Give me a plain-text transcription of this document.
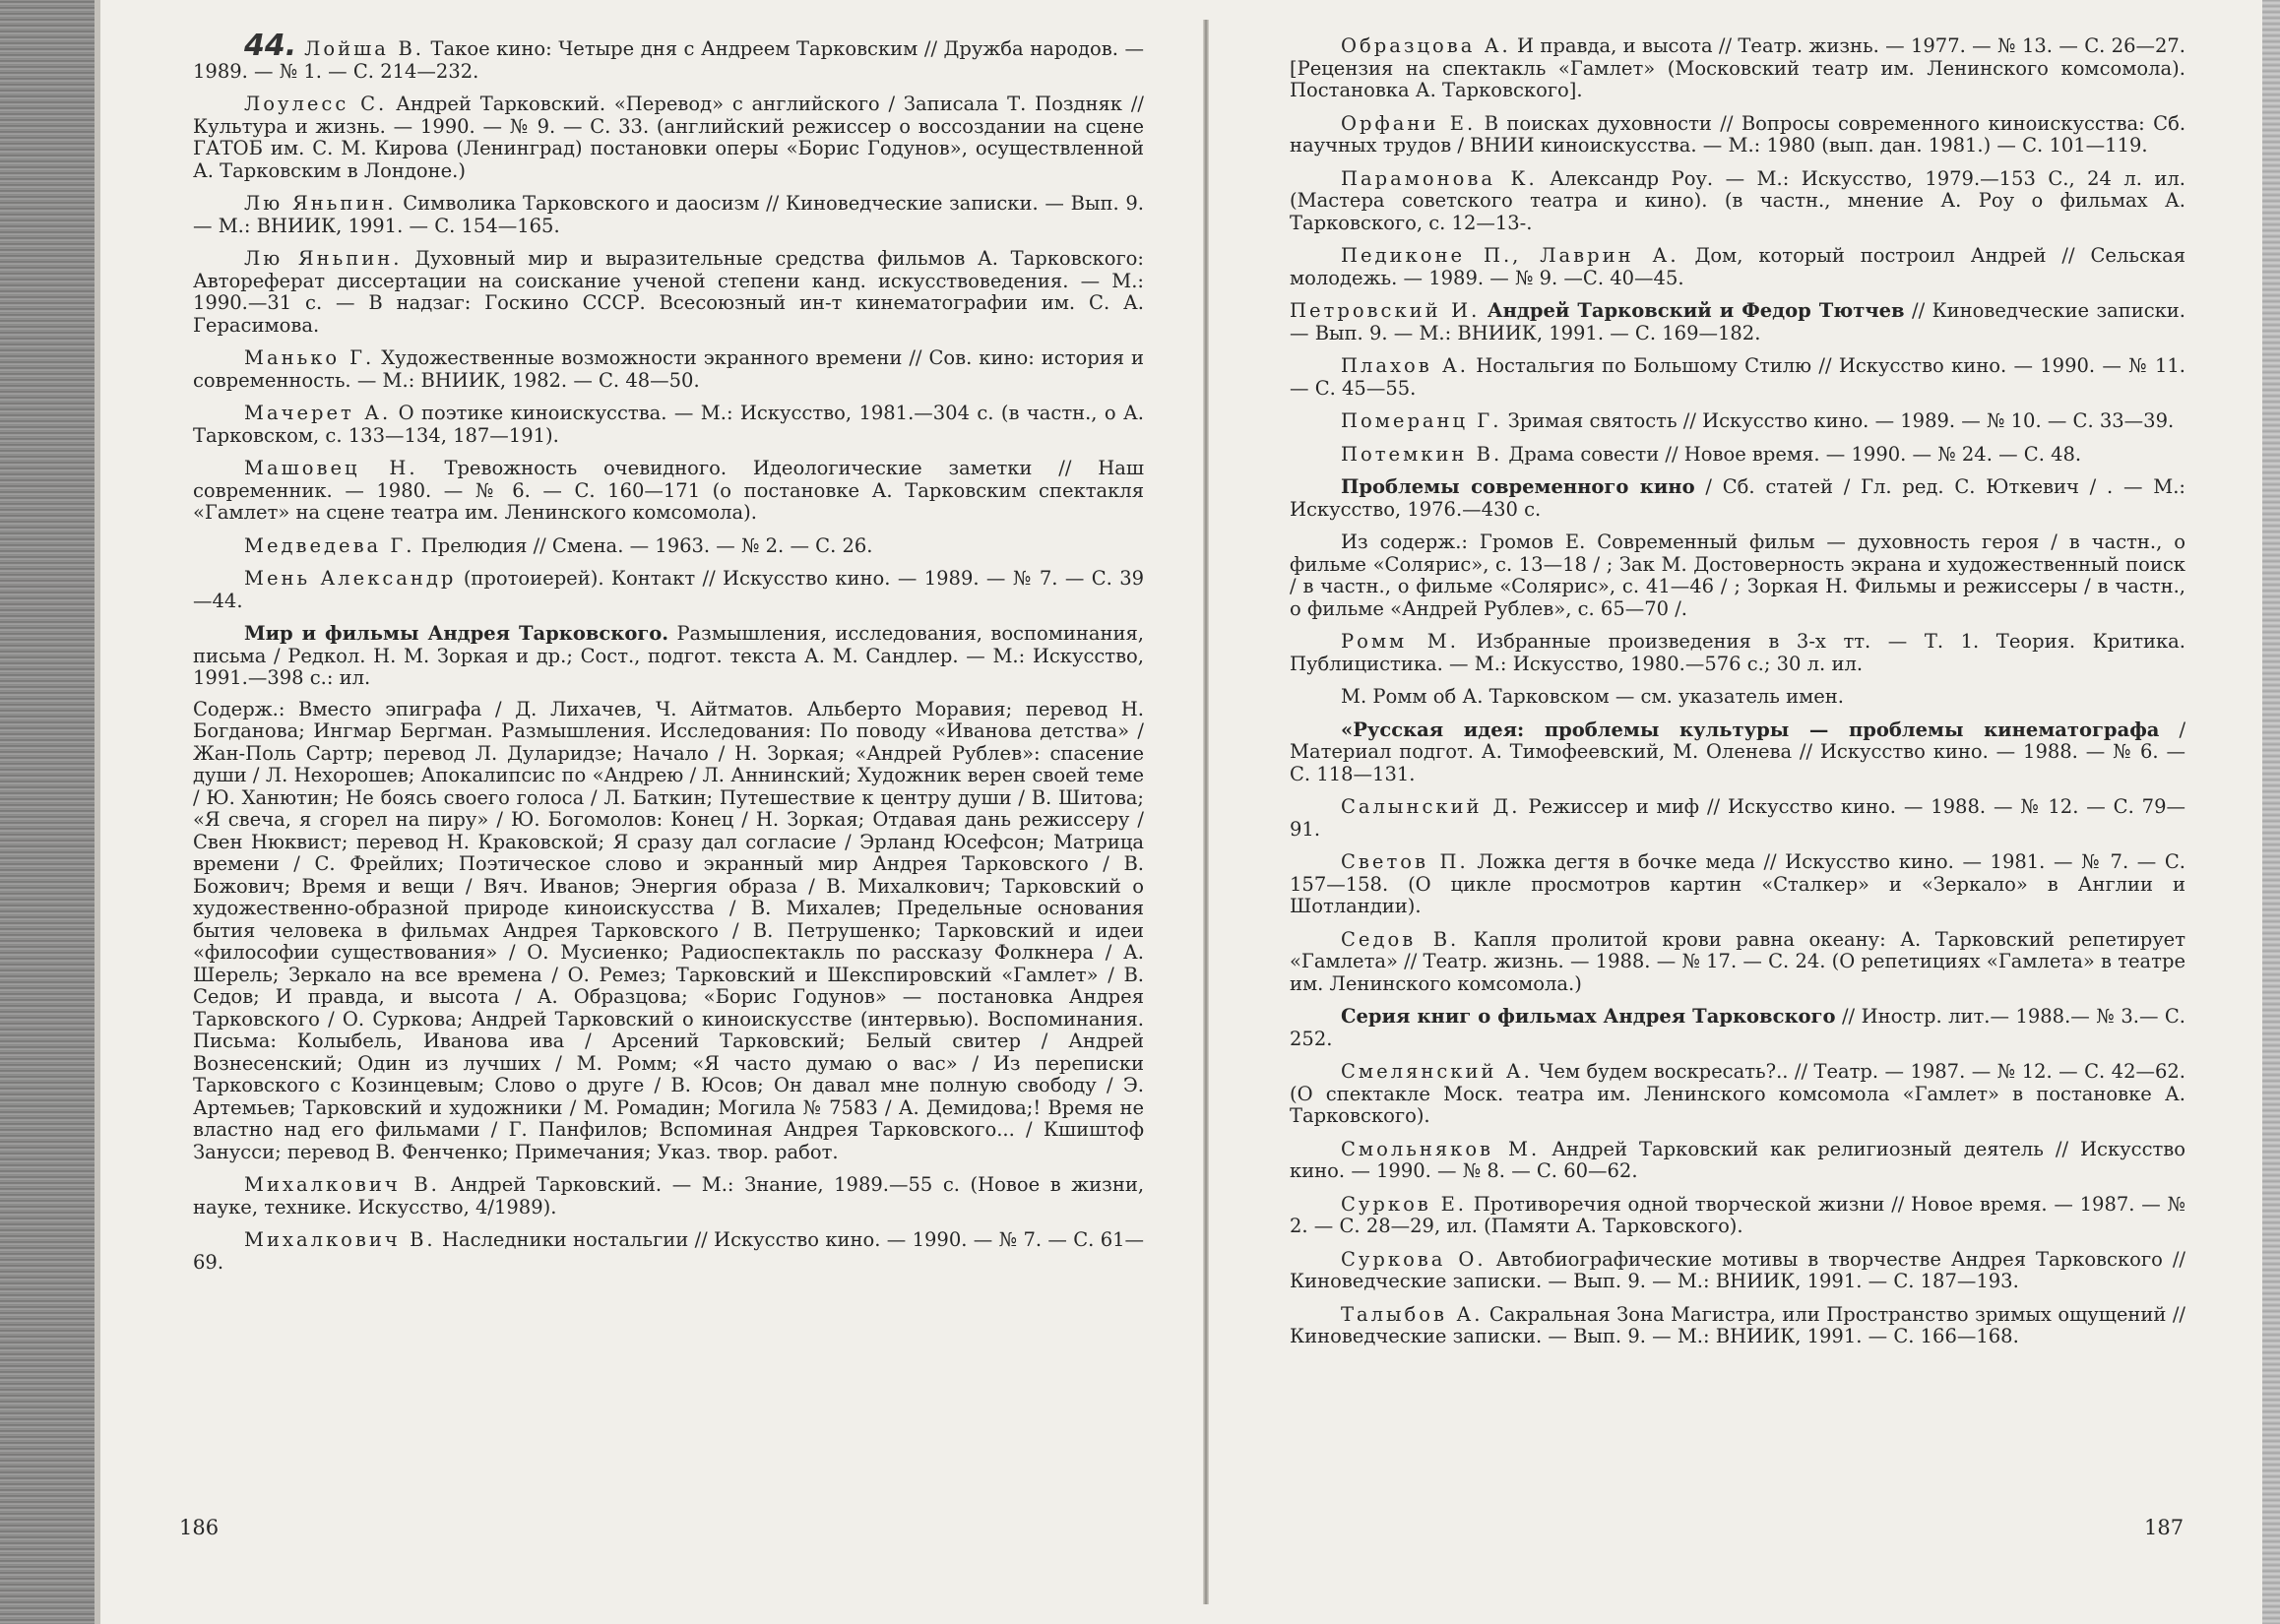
44. Лойша В. Такое кино: Четыре дня с Андреем Тарковским // Дружба народов. — 1989. — № 1. — С. 214—232.

Лоулесс С. Андрей Тарковский. «Перевод» с английского / Записала Т. Поздняк // Культура и жизнь. — 1990. — № 9. — С. 33. (английский режиссер о воссоздании на сцене ГАТОБ им. С. М. Кирова (Ленинград) постановки оперы «Борис Годунов», осуществленной А. Тарковским в Лондоне.)

Лю Яньпин. Символика Тарковского и даосизм // Киноведческие записки. — Вып. 9. — М.: ВНИИК, 1991. — С. 154—165.

Лю Яньпин. Духовный мир и выразительные средства фильмов А. Тарковского: Автореферат диссертации на соискание ученой степени канд. искусствоведения. — М.: 1990.—31 с. — В надзаг: Госкино СССР. Всесоюзный ин-т кинематографии им. С. А. Герасимова.

Манько Г. Художественные возможности экранного времени // Сов. кино: история и современность. — М.: ВНИИК, 1982. — С. 48—50.

Мачерет А. О поэтике киноискусства. — М.: Искусство, 1981.—304 с. (в частн., о А. Тарковском, с. 133—134, 187—191).

Машовец Н. Тревожность очевидного. Идеологические заметки // Наш современник. — 1980. — № 6. — С. 160—171 (о постановке А. Тарковским спектакля «Гамлет» на сцене театра им. Ленинского комсомола).

Медведева Г. Прелюдия // Смена. — 1963. — № 2. — С. 26.

Мень Александр (протоиерей). Контакт // Искусство кино. — 1989. — № 7. — С. 39—44.

Мир и фильмы Андрея Тарковского. Размышления, исследования, воспоминания, письма / Редкол. Н. М. Зоркая и др.; Сост., подгот. текста А. М. Сандлер. — М.: Искусство, 1991.—398 с.: ил.

Содерж.: Вместо эпиграфа / Д. Лихачев, Ч. Айтматов. Альберто Моравия; перевод Н. Богданова; Ингмар Бергман. Размышления. Исследования: По поводу «Иванова детства» / Жан-Поль Сартр; перевод Л. Дуларидзе; Начало / Н. Зоркая; «Андрей Рублев»: спасение души / Л. Нехорошев; Апокалипсис по «Андрею / Л. Аннинский; Художник верен своей теме / Ю. Ханютин; Не боясь своего голоса / Л. Баткин; Путешествие к центру души / В. Шитова; «Я свеча, я сгорел на пиру» / Ю. Богомолов: Конец / Н. Зоркая; Отдавая дань режиссеру / Свен Нюквист; перевод Н. Краковской; Я сразу дал согласие / Эрланд Юсефсон; Матрица времени / С. Фрейлих; Поэтическое слово и экранный мир Андрея Тарковского / В. Божович; Время и вещи / Вяч. Иванов; Энергия образа / В. Михалкович; Тарковский о художественно-образной природе киноискусства / В. Михалев; Предельные основания бытия человека в фильмах Андрея Тарковского / В. Петрушенко; Тарковский и идеи «философии существования» / О. Мусиенко; Радиоспектакль по рассказу Фолкнера / А. Шерель; Зеркало на все времена / О. Ремез; Тарковский и Шекспировский «Гамлет» / В. Седов; И правда, и высота / А. Образцова; «Борис Годунов» — постановка Андрея Тарковского / О. Суркова; Андрей Тарковский о киноискусстве (интервью). Воспоминания. Письма: Колыбель, Иванова ива / Арсений Тарковский; Белый свитер / Андрей Вознесенский; Один из лучших / М. Ромм; «Я часто думаю о вас» / Из переписки Тарковского с Козинцевым; Слово о друге / В. Юсов; Он давал мне полную свободу / Э. Артемьев; Тарковский и художники / М. Ромадин; Могила № 7583 / А. Демидова;! Время не властно над его фильмами / Г. Панфилов; Вспоминая Андрея Тарковского... / Кшиштоф Занусси; перевод В. Фенченко; Примечания; Указ. твор. работ.

Михалкович В. Андрей Тарковский. — М.: Знание, 1989.—55 с. (Новое в жизни, науке, технике. Искусство, 4/1989).

Михалкович В. Наследники ностальгии // Искусство кино. — 1990. — № 7. — С. 61—69.

Образцова А. И правда, и высота // Театр. жизнь. — 1977. — № 13. — С. 26—27. [Рецензия на спектакль «Гамлет» (Московский театр им. Ленинского комсомола). Постановка А. Тарковского].

Орфани Е. В поисках духовности // Вопросы современного киноискусства: Сб. научных трудов / ВНИИ киноискусства. — М.: 1980 (вып. дан. 1981.) — С. 101—119.

Парамонова К. Александр Роу. — М.: Искусство, 1979.—153 С., 24 л. ил. (Мастера советского театра и кино). (в частн., мнение А. Роу о фильмах А. Тарковского, с. 12—13-.

Педиконе П., Лаврин А. Дом, который построил Андрей // Сельская молодежь. — 1989. — № 9. —С. 40—45.

Петровский И. Андрей Тарковский и Федор Тютчев // Киноведческие записки. — Вып. 9. — М.: ВНИИК, 1991. — С. 169—182.

Плахов А. Ностальгия по Большому Стилю // Искусство кино. — 1990. — № 11. — С. 45—55.

Померанц Г. Зримая святость // Искусство кино. — 1989. — № 10. — С. 33—39.

Потемкин В. Драма совести // Новое время. — 1990. — № 24. — С. 48.

Проблемы современного кино / Сб. статей / Гл. ред. С. Юткевич / . — М.: Искусство, 1976.—430 с.

Из содерж.: Громов Е. Современный фильм — духовность героя / в частн., о фильме «Солярис», с. 13—18 / ; Зак М. Достоверность экрана и художественный поиск / в частн., о фильме «Солярис», с. 41—46 / ; Зоркая Н. Фильмы и режиссеры / в частн., о фильме «Андрей Рублев», с. 65—70 /.

Ромм М. Избранные произведения в 3-х тт. — Т. 1. Теория. Критика. Публицистика. — М.: Искусство, 1980.—576 с.; 30 л. ил.

М. Ромм об А. Тарковском — см. указатель имен.

«Русская идея: проблемы культуры — проблемы кинематографа / Материал подгот. А. Тимофеевский, М. Оленева // Искусство кино. — 1988. — № 6. — С. 118—131.

Салынский Д. Режиссер и миф // Искусство кино. — 1988. — № 12. — С. 79—91.

Светов П. Ложка дегтя в бочке меда // Искусство кино. — 1981. — № 7. — С. 157—158. (О цикле просмотров картин «Сталкер» и «Зеркало» в Англии и Шотландии).

Седов В. Капля пролитой крови равна океану: А. Тарковский репетирует «Гамлета» // Театр. жизнь. — 1988. — № 17. — С. 24. (О репетициях «Гамлета» в театре им. Ленинского комсомола.)

Серия книг о фильмах Андрея Тарковского // Иностр. лит.— 1988.— № 3.— С. 252.

Смелянский А. Чем будем воскресать?.. // Театр. — 1987. — № 12. — С. 42—62. (О спектакле Моск. театра им. Ленинского комсомола «Гамлет» в постановке А. Тарковского).

Смольняков М. Андрей Тарковский как религиозный деятель // Искусство кино. — 1990. — № 8. — С. 60—62.

Сурков Е. Противоречия одной творческой жизни // Новое время. — 1987. — № 2. — С. 28—29, ил. (Памяти А. Тарковского).

Суркова О. Автобиографические мотивы в творчестве Андрея Тарковского // Киноведческие записки. — Вып. 9. — М.: ВНИИК, 1991. — С. 187—193.

Талыбов А. Сакральная Зона Магистра, или Пространство зримых ощущений // Киноведческие записки. — Вып. 9. — М.: ВНИИК, 1991. — С. 166—168.

186	187
